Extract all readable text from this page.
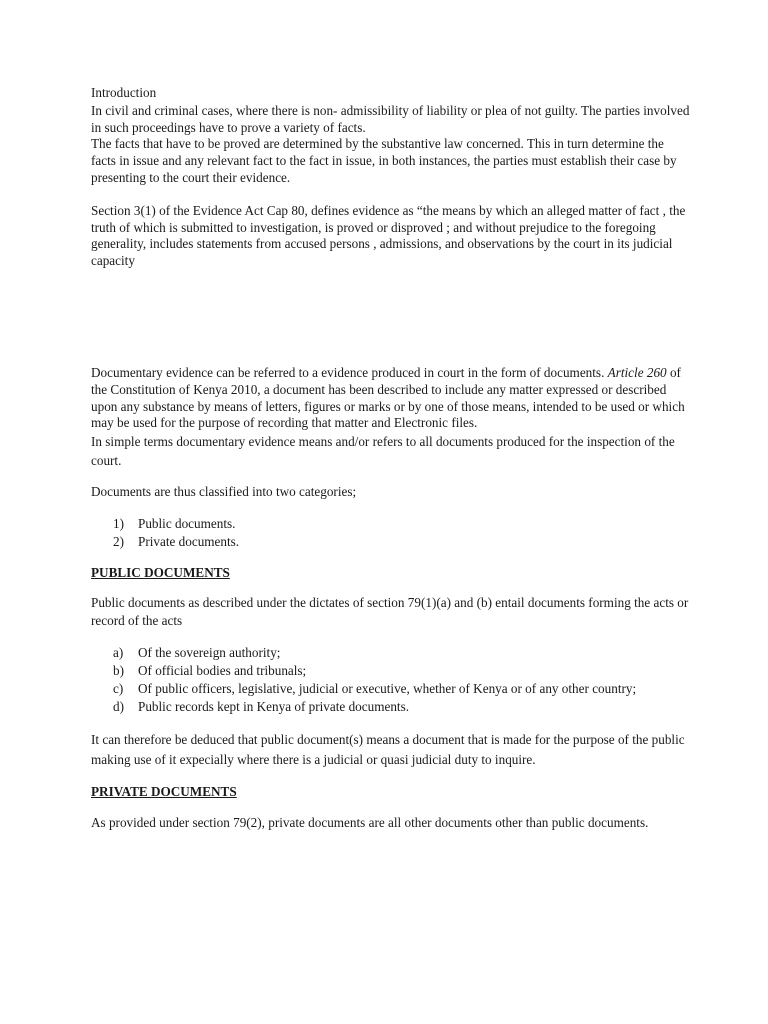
Introduction

In civil and criminal cases, where there is non- admissibility of liability or plea of not guilty. The parties involved in such proceedings have to prove a variety of facts.
The facts that have to be proved are determined by the substantive law concerned. This in turn determine the facts in issue and any relevant fact to the fact in issue, in both instances, the parties must establish their case by presenting to the court their evidence.

Section 3(1) of the Evidence Act Cap 80, defines evidence as “the means by which an alleged matter of fact , the truth of which is submitted to investigation, is proved or disproved ; and without prejudice to the foregoing generality, includes statements from accused persons , admissions, and observations by the court in its judicial capacity

Documentary evidence can be referred to a evidence produced in court in the form of documents. Article 260 of the Constitution of Kenya 2010, a document has been described to include any matter expressed or described upon any substance by means of letters, figures or marks or by one of those means, intended to be used or which may be used for the purpose of recording that matter and Electronic files.

In simple terms documentary evidence means and/or refers to all documents produced for the inspection of the court.

Documents are thus classified into two categories;

1) Public documents.
2) Private documents.

PUBLIC DOCUMENTS

Public documents as described under the dictates of section 79(1)(a) and (b) entail documents forming the acts or record of the acts

a) Of the sovereign authority;
b) Of official bodies and tribunals;
c) Of public officers, legislative, judicial or executive, whether of Kenya or of any other country;
d) Public records kept in Kenya of private documents.

It can therefore be deduced that public document(s) means a document that is made for the purpose of the public making use of it expecially where there is a judicial or quasi judicial duty to inquire.

PRIVATE DOCUMENTS

As provided under section 79(2), private documents are all other documents other than public documents.
